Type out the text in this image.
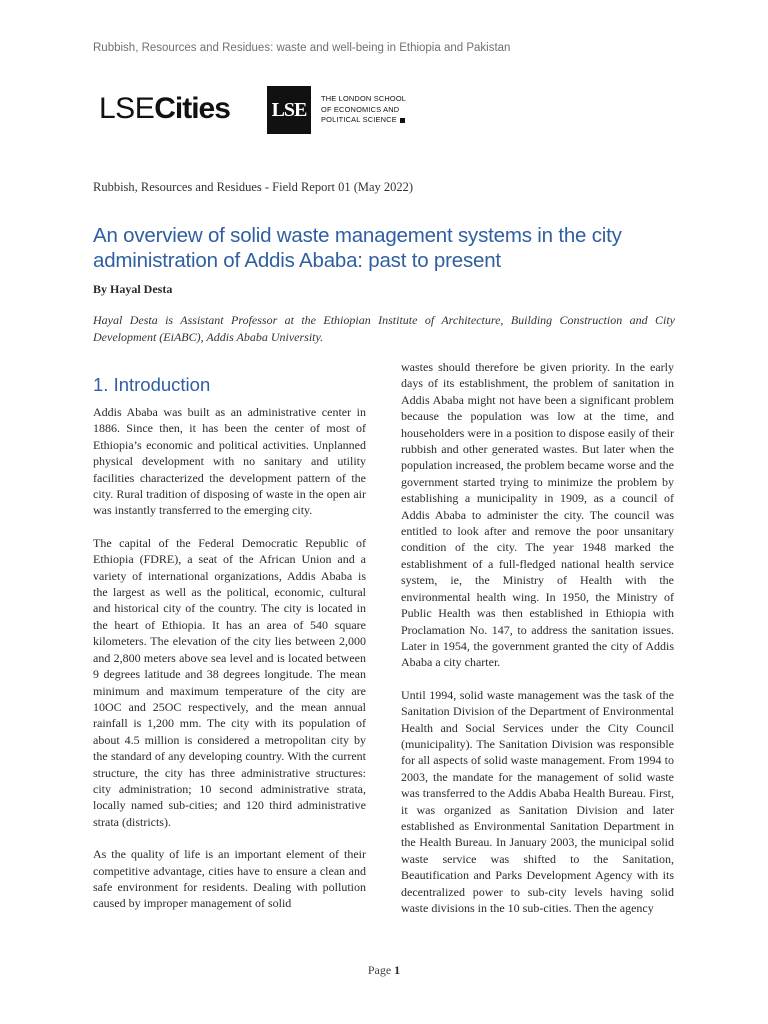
Rubbish, Resources and Residues: waste and well-being in Ethiopia and Pakistan
LSECities LSE	THE LONDON SCHOOL
OF ECONOMICS AND
POLITICAL SCIENCE
Rubbish, Resources and Residues - Field Report 01 (May 2022)
An overview of solid waste management systems in the city administration of Addis Ababa: past to present
By Hayal Desta

Hayal Desta is Assistant Professor at the Ethiopian Institute of Architecture, Building Construction and City Development (EiABC), Addis Ababa University.

1. Introduction

Addis Ababa was built as an administrative center in 1886. Since then, it has been the center of most of Ethiopia’s economic and political activities. Unplanned physical development with no sanitary and utility facilities characterized the development pattern of the city. Rural tradition of disposing of waste in the open air was instantly transferred to the emerging city.

The capital of the Federal Democratic Republic of Ethiopia (FDRE), a seat of the African Union and a variety of international organizations, Addis Ababa is the largest as well as the political, economic, cultural and historical city of the country. The city is located in the heart of Ethiopia. It has an area of 540 square kilometers. The elevation of the city lies between 2,000 and 2,800 meters above sea level and is located between 9 degrees latitude and 38 degrees longitude. The mean minimum and maximum temperature of the city are 10OC and 25OC respectively, and the mean annual rainfall is 1,200 mm. The city with its population of about 4.5 million is considered a metropolitan city by the standard of any developing country. With the current structure, the city has three administrative structures: city administration; 10 second administrative strata, locally named sub-cities; and 120 third administrative strata (districts).

As the quality of life is an important element of their competitive advantage, cities have to ensure a clean and safe environment for residents. Dealing with pollution caused by improper management of solid

wastes should therefore be given priority. In the early days of its establishment, the problem of sanitation in Addis Ababa might not have been a significant problem because the population was low at the time, and householders were in a position to dispose easily of their rubbish and other generated wastes. But later when the population increased, the problem became worse and the government started trying to minimize the problem by establishing a municipality in 1909, as a council of Addis Ababa to administer the city. The council was entitled to look after and remove the poor unsanitary condition of the city. The year 1948 marked the establishment of a full-fledged national health service system, ie, the Ministry of Health with the environmental health wing. In 1950, the Ministry of Public Health was then established in Ethiopia with Proclamation No. 147, to address the sanitation issues. Later in 1954, the government granted the city of Addis Ababa a city charter.

Until 1994, solid waste management was the task of the Sanitation Division of the Department of Environmental Health and Social Services under the City Council (municipality). The Sanitation Division was responsible for all aspects of solid waste management. From 1994 to 2003, the mandate for the management of solid waste was transferred to the Addis Ababa Health Bureau. First, it was organized as Sanitation Division and later established as Environmental Sanitation Department in the Health Bureau. In January 2003, the municipal solid waste service was shifted to the Sanitation, Beautification and Parks Development Agency with its decentralized power to sub-city levels having solid waste divisions in the 10 sub-cities. Then the agency

Page 1
